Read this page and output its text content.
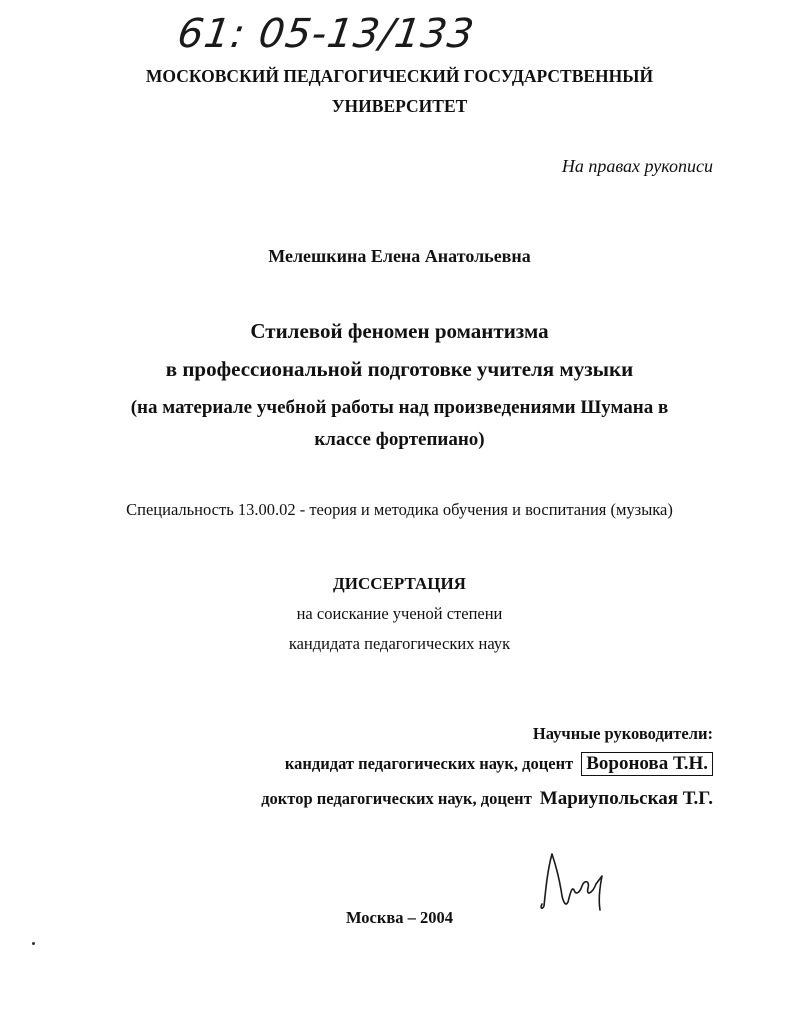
61: 05-13/133

МОСКОВСКИЙ ПЕДАГОГИЧЕСКИЙ ГОСУДАРСТВЕННЫЙ

УНИВЕРСИТЕТ

На правах рукописи

Мелешкина Елена Анатольевна

Стилевой феномен романтизма

в профессиональной подготовке учителя музыки

(на материале учебной работы над произведениями Шумана в

классе фортепиано)

Специальность 13.00.02 - теория и методика обучения и воспитания (музыка)

ДИССЕРТАЦИЯ

на соискание ученой степени

кандидата педагогических наук

Научные руководители:

кандидат педагогических наук, доцент Воронова Т.Н.
доктор педагогических наук, доцент Мариупольская Т.Г.

Москва – 2004
